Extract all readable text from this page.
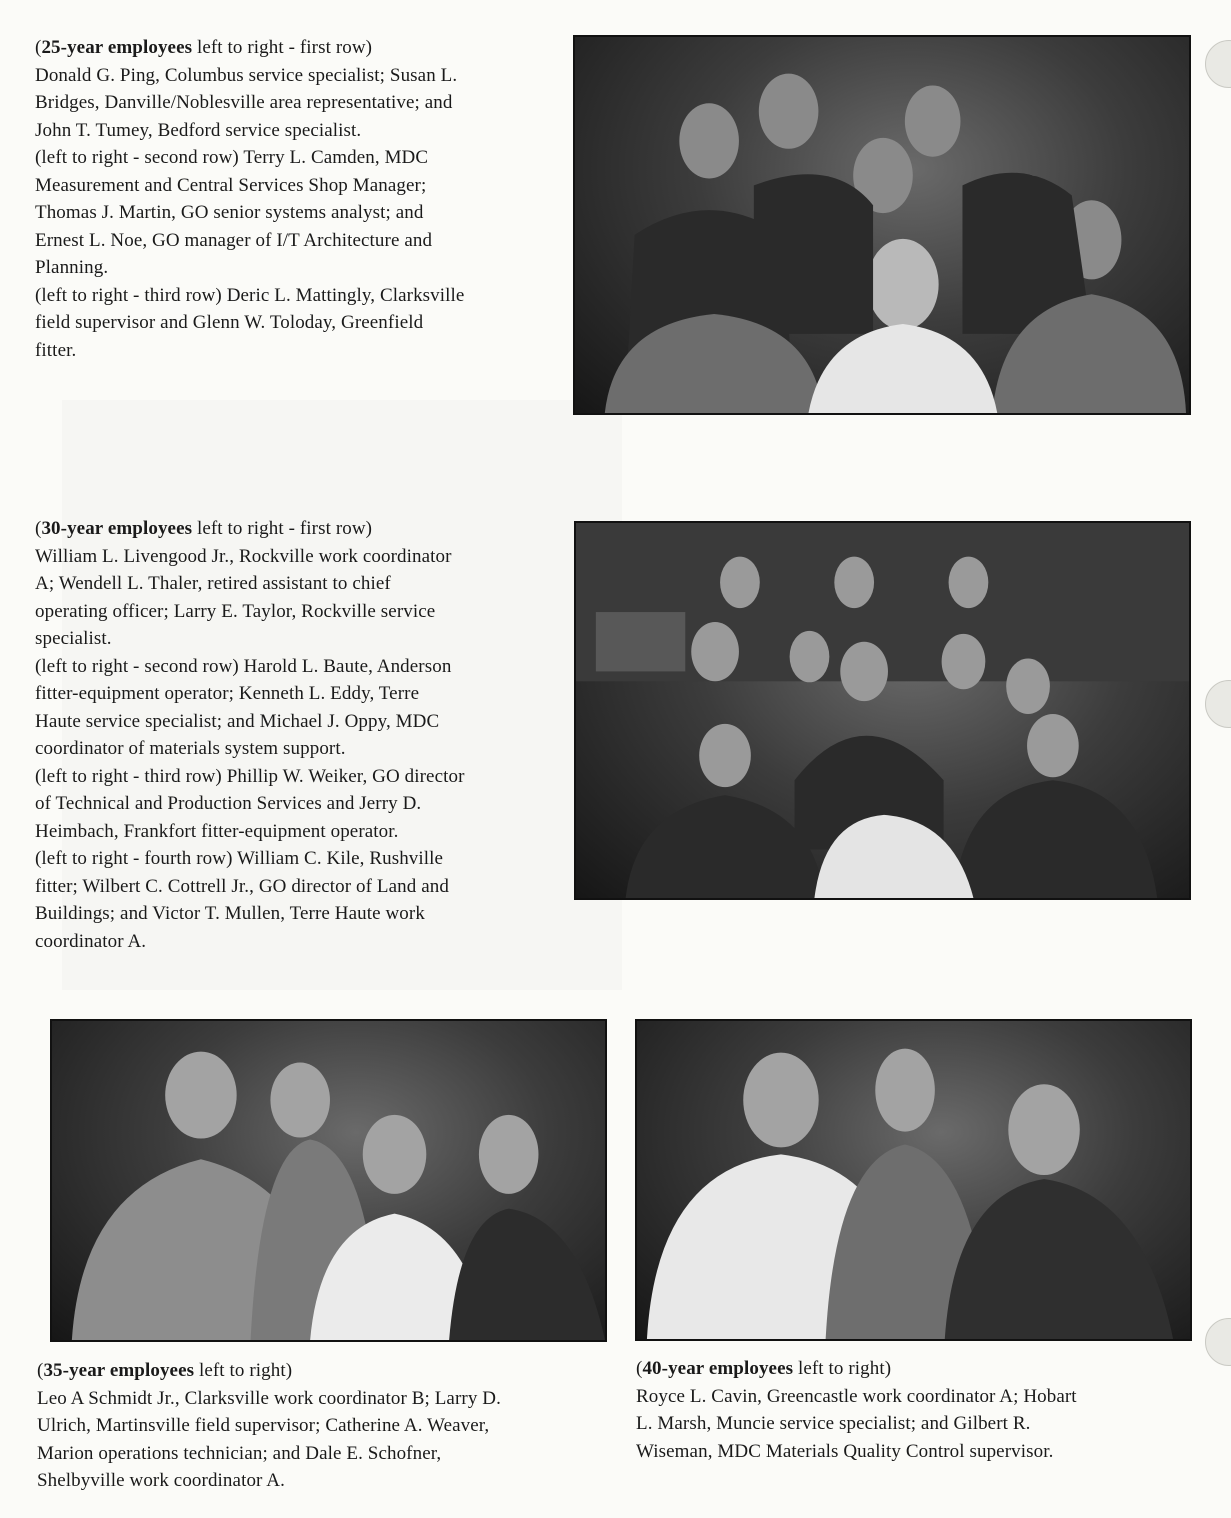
(25-year employees left to right - first row)

Donald G. Ping, Columbus service specialist; Susan L.

Bridges, Danville/Noblesville area representative; and

John T. Tumey, Bedford service specialist.

(left to right - second row) Terry L. Camden, MDC

Measurement and Central Services Shop Manager;

Thomas J. Martin, GO senior systems analyst; and

Ernest L. Noe, GO manager of I/T Architecture and

Planning.

(left to right - third row) Deric L. Mattingly, Clarksville

field supervisor and Glenn W. Toloday, Greenfield

fitter.

(30-year employees left to right - first row)

William L. Livengood Jr., Rockville work coordinator

A; Wendell L. Thaler, retired assistant to chief

operating officer; Larry E. Taylor, Rockville service

specialist.

(left to right - second row) Harold L. Baute, Anderson

fitter-equipment operator; Kenneth L. Eddy, Terre

Haute service specialist; and Michael J. Oppy, MDC

coordinator of materials system support.

(left to right - third row) Phillip W. Weiker, GO director

of Technical and Production Services and Jerry D.

Heimbach, Frankfort fitter-equipment operator.

(left to right - fourth row) William C. Kile, Rushville

fitter; Wilbert C. Cottrell Jr., GO director of Land and

Buildings; and Victor T. Mullen, Terre Haute work

coordinator A.

(35-year employees left to right)

Leo A Schmidt Jr., Clarksville work coordinator B; Larry D.

Ulrich, Martinsville field supervisor; Catherine A. Weaver,

Marion operations technician; and Dale E. Schofner,

Shelbyville work coordinator A.

(40-year employees left to right)

Royce L. Cavin, Greencastle work coordinator A; Hobart

L. Marsh, Muncie service specialist; and Gilbert R.

Wiseman, MDC Materials Quality Control supervisor.
